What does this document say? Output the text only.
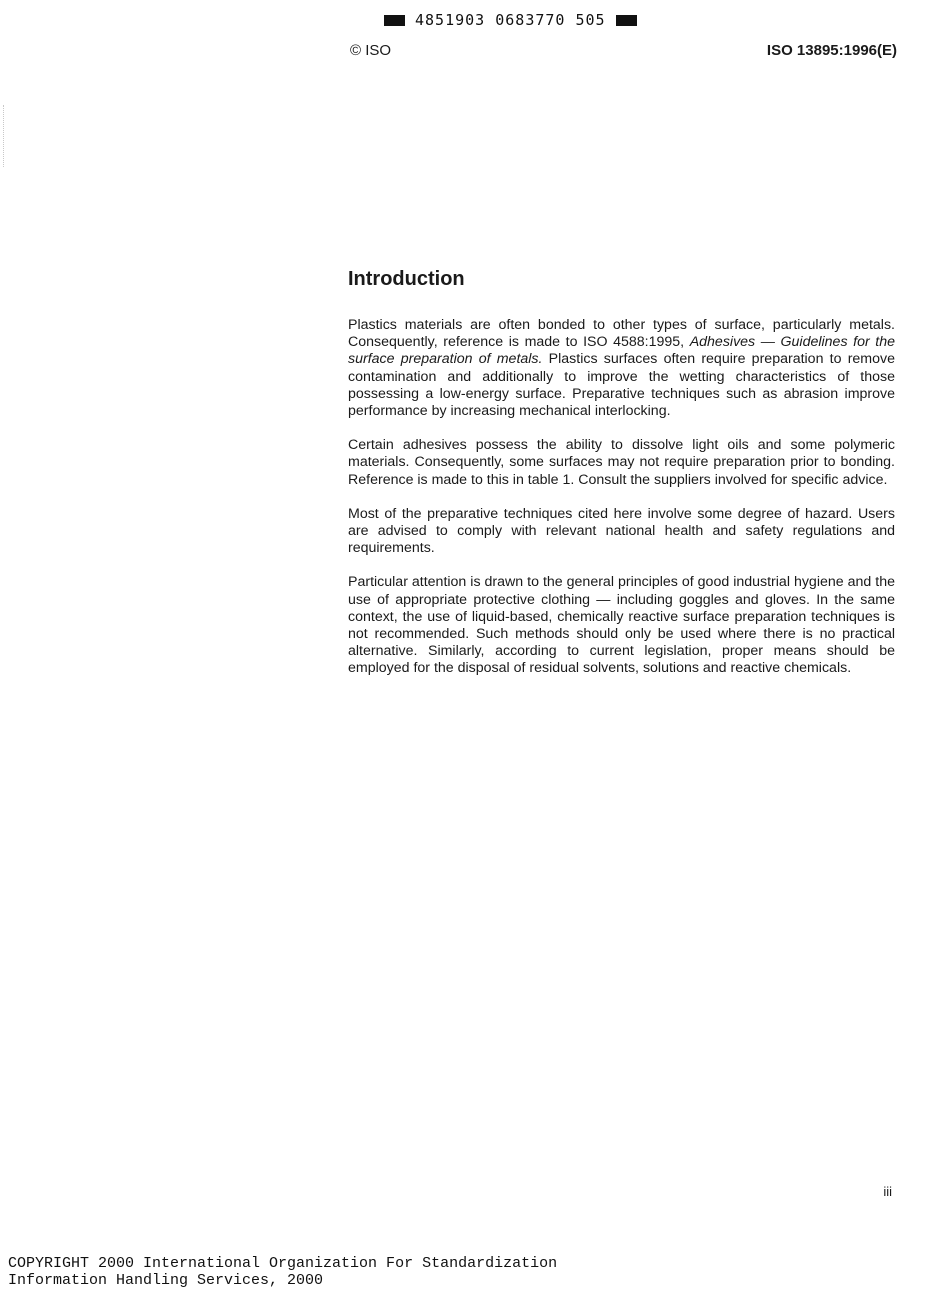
4851903 0683770 505
© ISO	ISO 13895:1996(E)
Introduction

Plastics materials are often bonded to other types of surface, particularly metals. Consequently, reference is made to ISO 4588:1995, Adhesives — Guidelines for the surface preparation of metals. Plastics surfaces often require preparation to remove contamination and additionally to improve the wetting characteristics of those possessing a low-energy surface. Preparative techniques such as abrasion improve performance by increasing mechanical interlocking.

Certain adhesives possess the ability to dissolve light oils and some polymeric materials. Consequently, some surfaces may not require preparation prior to bonding. Reference is made to this in table 1. Consult the suppliers involved for specific advice.

Most of the preparative techniques cited here involve some degree of hazard. Users are advised to comply with relevant national health and safety regulations and requirements.

Particular attention is drawn to the general principles of good industrial hygiene and the use of appropriate protective clothing — including goggles and gloves. In the same context, the use of liquid-based, chemically reactive surface preparation techniques is not recommended. Such methods should only be used where there is no practical alternative. Similarly, according to current legislation, proper means should be employed for the disposal of residual solvents, solutions and reactive chemicals.

iii
COPYRIGHT 2000 International Organization For Standardization
Information Handling Services, 2000
